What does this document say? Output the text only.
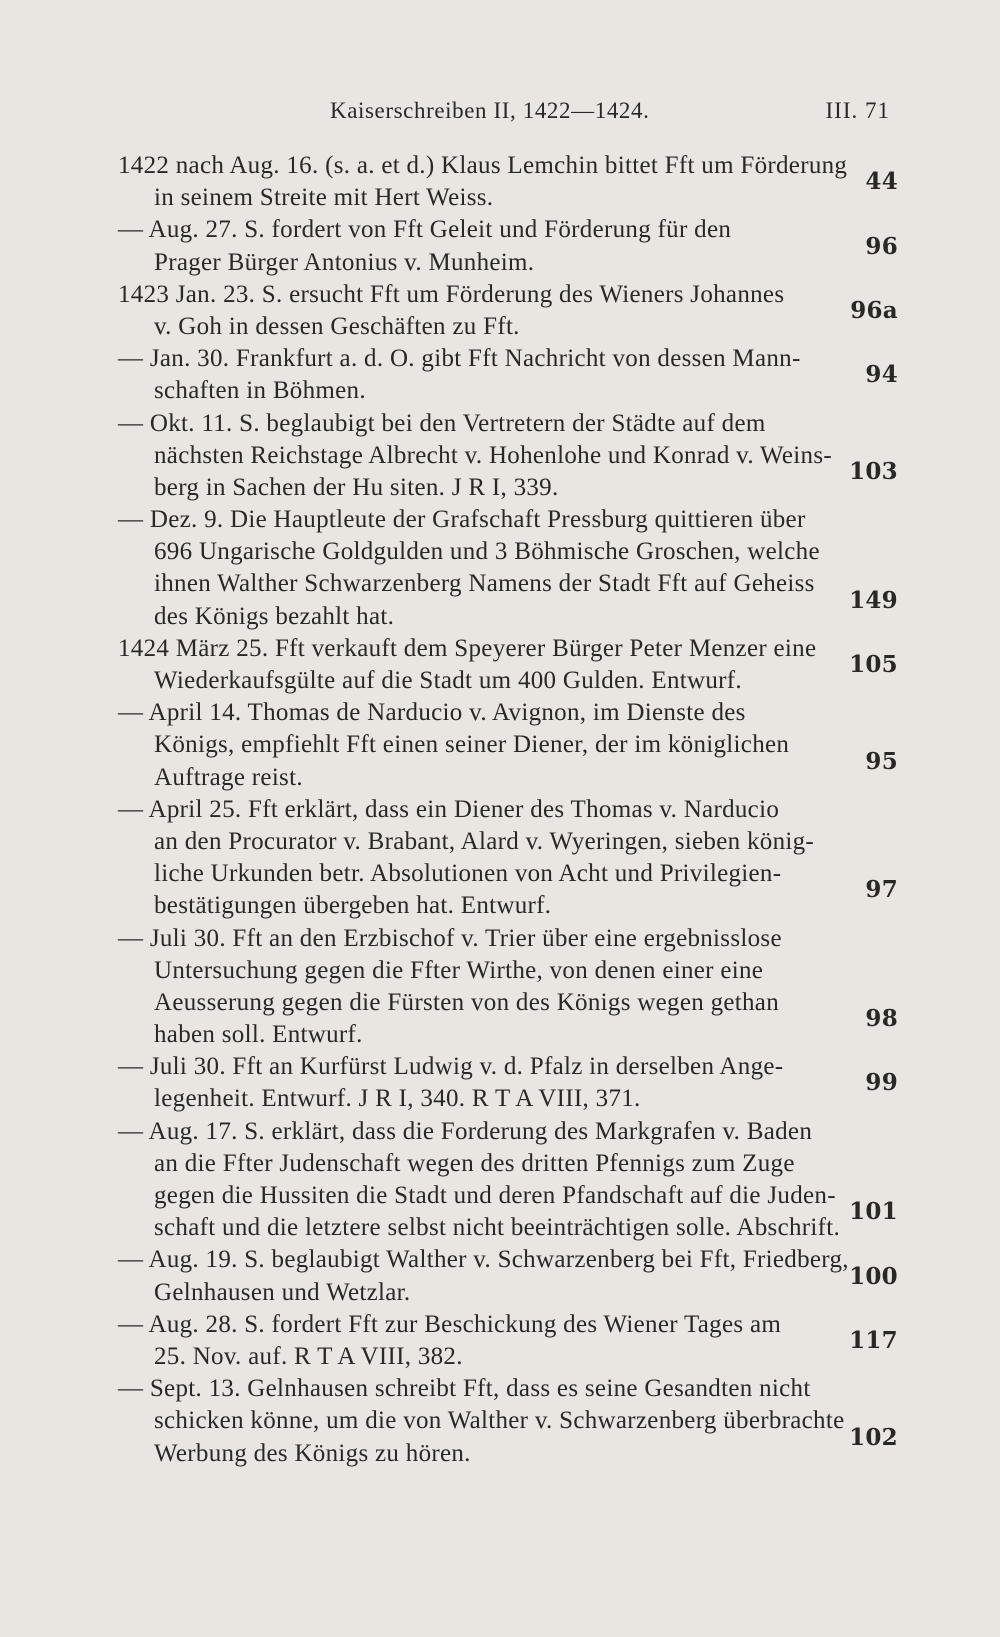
Kaiserschreiben II, 1422—1424.	III. 71
1422 nach Aug. 16. (s. a. et d.) Klaus Lemchin bittet Fft um Förderung
in seinem Streite mit Hert Weiss.
44
— Aug. 27. S. fordert von Fft Geleit und Förderung für den
Prager Bürger Antonius v. Munheim.
96
1423 Jan. 23. S. ersucht Fft um Förderung des Wieners Johannes
v. Goh in dessen Geschäften zu Fft.
96a
— Jan. 30. Frankfurt a. d. O. gibt Fft Nachricht von dessen Mann-
schaften in Böhmen.
94
— Okt. 11. S. beglaubigt bei den Vertretern der Städte auf dem
nächsten Reichstage Albrecht v. Hohenlohe und Konrad v. Weins-
berg in Sachen der Hu siten. J R I, 339.
103
— Dez. 9. Die Hauptleute der Grafschaft Pressburg quittieren über
696 Ungarische Goldgulden und 3 Böhmische Groschen, welche
ihnen Walther Schwarzenberg Namens der Stadt Fft auf Geheiss
des Königs bezahlt hat.
149
1424 März 25. Fft verkauft dem Speyerer Bürger Peter Menzer eine
Wiederkaufsgülte auf die Stadt um 400 Gulden. Entwurf.
105
— April 14. Thomas de Narducio v. Avignon, im Dienste des
Königs, empfiehlt Fft einen seiner Diener, der im königlichen
Auftrage reist.
95
— April 25. Fft erklärt, dass ein Diener des Thomas v. Narducio
an den Procurator v. Brabant, Alard v. Wyeringen, sieben könig-
liche Urkunden betr. Absolutionen von Acht und Privilegien-
bestätigungen übergeben hat. Entwurf.
97
— Juli 30. Fft an den Erzbischof v. Trier über eine ergebnisslose
Untersuchung gegen die Ffter Wirthe, von denen einer eine
Aeusserung gegen die Fürsten von des Königs wegen gethan
haben soll. Entwurf.
98
— Juli 30. Fft an Kurfürst Ludwig v. d. Pfalz in derselben Ange-
legenheit. Entwurf. J R I, 340. R T A VIII, 371.
99
— Aug. 17. S. erklärt, dass die Forderung des Markgrafen v. Baden
an die Ffter Judenschaft wegen des dritten Pfennigs zum Zuge
gegen die Hussiten die Stadt und deren Pfandschaft auf die Juden-
schaft und die letztere selbst nicht beeinträchtigen solle. Abschrift.
101
— Aug. 19. S. beglaubigt Walther v. Schwarzenberg bei Fft, Friedberg,
Gelnhausen und Wetzlar.
100
— Aug. 28. S. fordert Fft zur Beschickung des Wiener Tages am
25. Nov. auf. R T A VIII, 382.
117
— Sept. 13. Gelnhausen schreibt Fft, dass es seine Gesandten nicht
schicken könne, um die von Walther v. Schwarzenberg überbrachte
Werbung des Königs zu hören.
102
